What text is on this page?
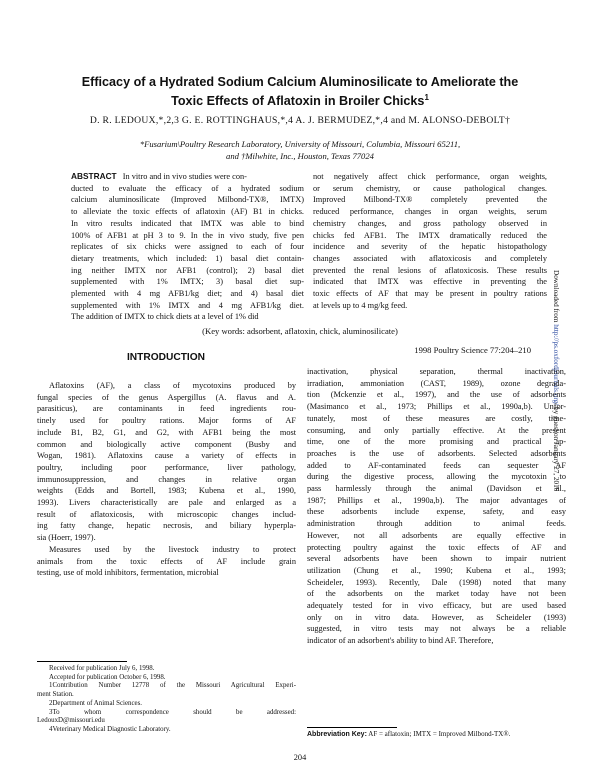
Efficacy of a Hydrated Sodium Calcium Aluminosilicate to Ameliorate the
Toxic Effects of Aflatoxin in Broiler Chicks$^1$
D. R. LEDOUX,*,2,3 G. E. ROTTINGHAUS,*,4 A. J. BERMUDEZ,*,4 and M. ALONSO-DEBOLT†
*Fusarium\Poultry Research Laboratory, University of Missouri, Columbia, Missouri 65211,
and †Milwhite, Inc., Houston, Texas 77024
ABSTRACT In vitro and in vivo studies were con-
ducted to evaluate the efficacy of a hydrated sodium
calcium aluminosilicate (Improved Milbond-TX®, IMTX)
to alleviate the toxic effects of aflatoxin (AF) B1 in chicks.
In vitro results indicated that IMTX was able to bind
100% of AFB1 at pH 3 to 9. In the in vivo study, five pen
replicates of six chicks were assigned to each of four
dietary treatments, which included: 1) basal diet contain-
ing neither IMTX nor AFB1 (control); 2) basal diet
supplemented with 1% IMTX; 3) basal diet sup-
plemented with 4 mg AFB1/kg diet; and 4) basal diet
supplemented with 1% IMTX and 4 mg AFB1/kg diet.
The addition of IMTX to chick diets at a level of 1% did
not negatively affect chick performance, organ weights,
or serum chemistry, or cause pathological changes.
Improved Milbond-TX® completely prevented the
reduced performance, changes in organ weights, serum
chemistry changes, and gross pathology observed in
chicks fed AFB1. The IMTX dramatically reduced the
incidence and severity of the hepatic histopathology
changes associated with aflatoxicosis and completely
prevented the renal lesions of aflatoxicosis. These results
indicated that IMTX was effective in preventing the
toxic effects of AF that may be present in poultry rations
at levels up to 4 mg/kg feed.
(Key words: adsorbent, aflatoxin, chick, aluminosilicate)
1998 Poultry Science 77:204–210
Downloaded from http://ps.oxfordjournals.org/ by guest on January 27, 2016
INTRODUCTION
Aflatoxins (AF), a class of mycotoxins produced by
fungal species of the genus Aspergillus (A. flavus and A.
parasiticus), are contaminants in feed ingredients rou-
tinely used for poultry rations. Major forms of AF
include B1, B2, G1, and G2, with AFB1 being the most
common and biologically active component (Busby and
Wogan, 1981). Aflatoxins cause a variety of effects in
poultry, including poor performance, liver pathology,
immunosuppression, and changes in relative organ
weights (Edds and Bortell, 1983; Kubena et al., 1990,
1993). Livers characteristically are pale and enlarged as a
result of aflatoxicosis, with microscopic changes includ-
ing fatty change, hepatic necrosis, and biliary hyperpla-
sia (Hoerr, 1997).
Measures used by the livestock industry to protect
animals from the toxic effects of AF include grain
testing, use of mold inhibitors, fermentation, microbial
inactivation, physical separation, thermal inactivation,
irradiation, ammoniation (CAST, 1989), ozone degrada-
tion (Mckenzie et al., 1997), and the use of adsorbents
(Masimanco et al., 1973; Phillips et al., 1990a,b). Unfor-
tunately, most of these measures are costly, time-
consuming, and only partially effective. At the present
time, one of the more promising and practical ap-
proaches is the use of adsorbents. Selected adsorbents
added to AF-contaminated feeds can sequester AF
during the digestive process, allowing the mycotoxin to
pass harmlessly through the animal (Davidson et al.,
1987; Phillips et al., 1990a,b). The major advantages of
these adsorbents include expense, safety, and easy
administration through addition to animal feeds.
However, not all adsorbents are equally effective in
protecting poultry against the toxic effects of AF and
several adsorbents have been shown to impair nutrient
utilization (Chung et al., 1990; Kubena et al., 1993;
Scheideler, 1993). Recently, Dale (1998) noted that many
of the adsorbents on the market today have not been
adequately tested for in vivo efficacy, but are used based
only on in vitro data. However, as Scheideler (1993)
suggested, in vitro tests may not always be a reliable
indicator of an adsorbent's ability to bind AF. Therefore,
Received for publication July 6, 1998.
Accepted for publication October 6, 1998.
1Contribution Number 12778 of the Missouri Agricultural Experi-
ment Station.
2Department of Animal Sciences.
3To whom correspondence should be addressed:
LedouxD@missouri.edu
4Veterinary Medical Diagnostic Laboratory.
Abbreviation Key: AF = aflatoxin; IMTX = Improved Milbond-TX®.
204
